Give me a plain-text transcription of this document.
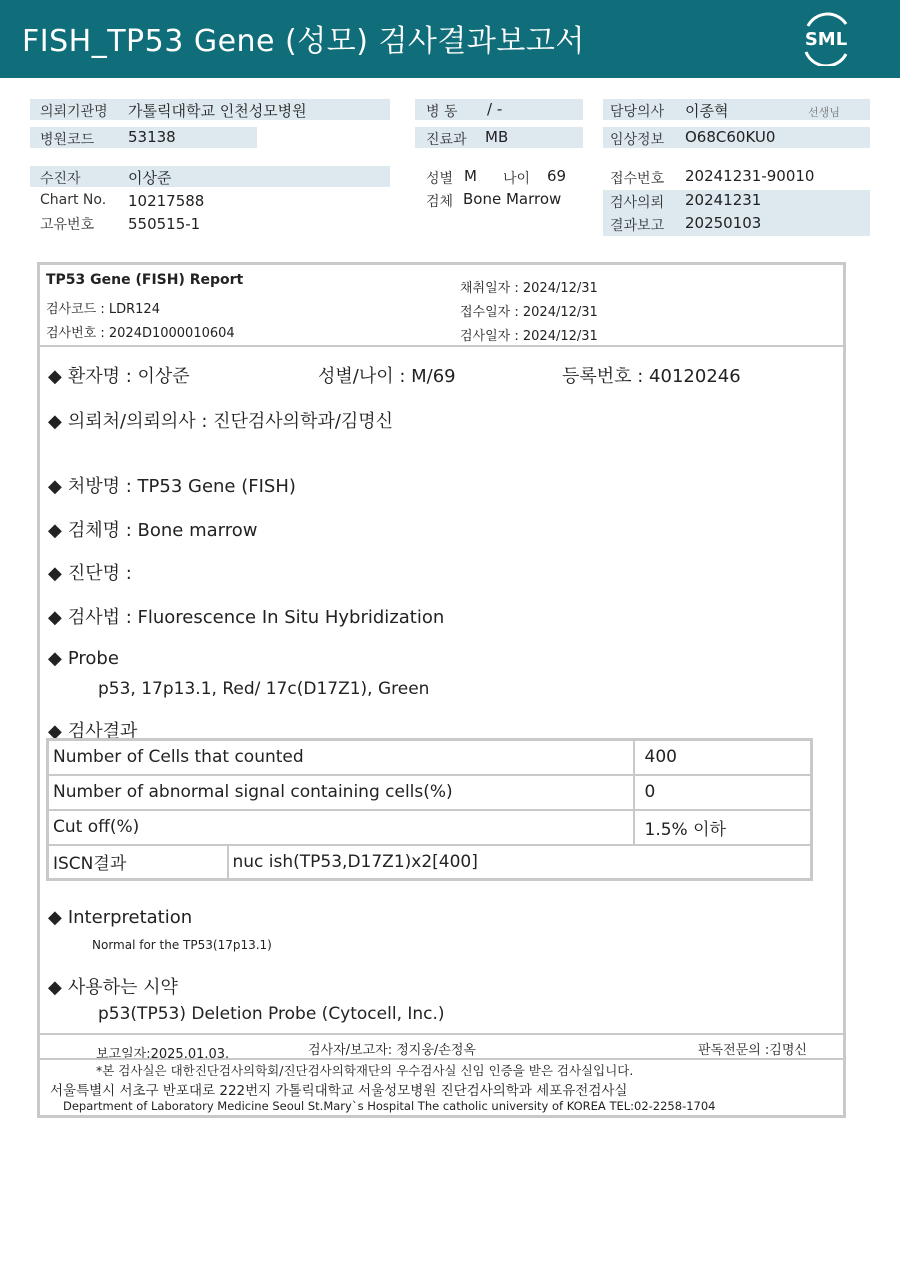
FISH_TP53 Gene (성모) 검사결과보고서	SML
의뢰기관명 가톨릭대학교 인천성모병원
병원코드 53138
병 동 / -
진료과 MB
담당의사 이종혁	선생님
임상정보 O68C60KU0
수진자	이상준
Chart No. 10217588
고유번호 550515-1
성별 M 나이 69
검체 Bone Marrow
접수번호 20241231-90010
검사의뢰 20241231
결과보고 20250103
TP53 Gene (FISH) Report
검사코드 : LDR124
검사번호 : 2024D1000010604
채취일자 : 2024/12/31
접수일자 : 2024/12/31
검사일자 : 2024/12/31
◆ 환자명 : 이상준	성별/나이 : M/69	등록번호 : 40120246
◆ 의뢰처/의뢰의사 : 진단검사의학과/김명신
◆ 처방명 : TP53 Gene (FISH)
◆ 검체명 : Bone marrow
◆ 진단명 :
◆ 검사법 : Fluorescence In Situ Hybridization
◆ Probe
p53, 17p13.1, Red/ 17c(D17Z1), Green
◆ 검사결과
Number of Cells that counted		400
Number of abnormal signal containing cells(%)		0
Cut off(%)		1.5% 이하
ISCN결과	nuc ish(TP53,D17Z1)x2[400]	
◆ Interpretation
Normal for the TP53(17p13.1)
◆ 사용하는 시약
p53(TP53) Deletion Probe (Cytocell, Inc.)
보고일자:2025.01.03.	검사자/보고자: 정지웅/손정옥	판독전문의 :김명신
*본 검사실은 대한진단검사의학회/진단검사의학재단의 우수검사실 신임 인증을 받은 검사실입니다.
서울특별시 서초구 반포대로 222번지 가톨릭대학교 서울성모병원 진단검사의학과 세포유전검사실
Department of Laboratory Medicine Seoul St.Mary`s Hospital The catholic university of KOREA TEL:02-2258-1704
